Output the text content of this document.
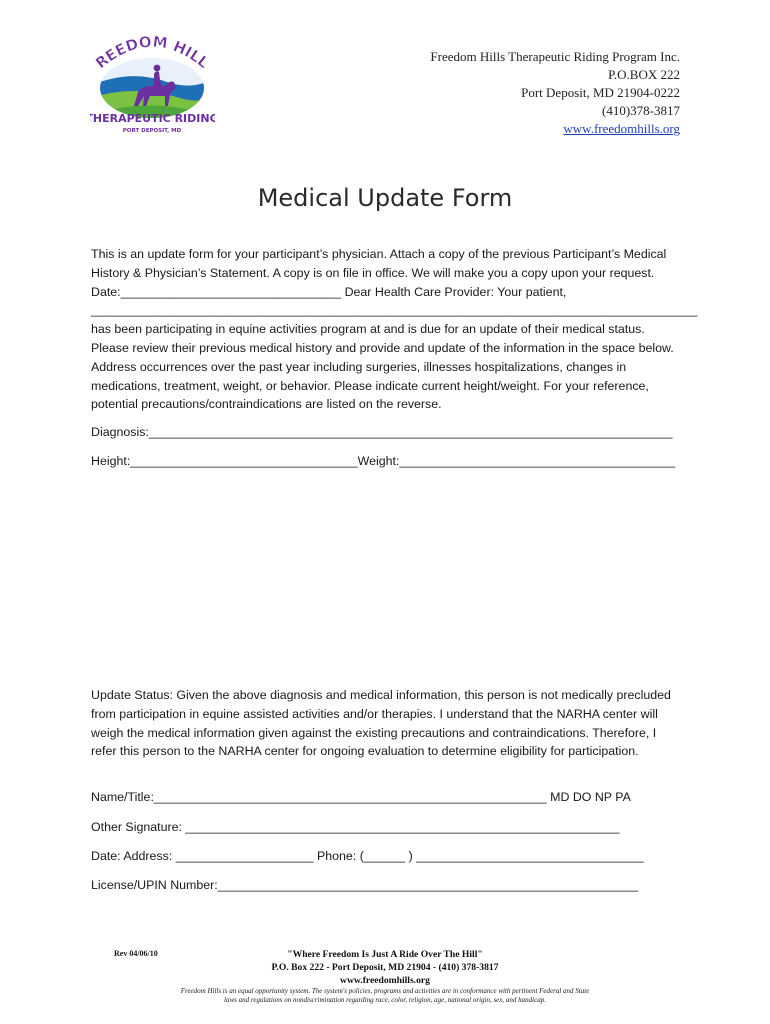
REEDOM HILL
THERAPEUTIC RIDING
PORT DEPOSIT, MD
Freedom Hills Therapeutic Riding Program Inc.
P.O.BOX 222
Port Deposit, MD 21904-0222
(410)378-3817
www.freedomhills.org
Medical Update Form
This is an update form for your participant’s physician. Attach a copy of the previous Participant’s Medical History & Physician’s Statement. A copy is on file in office. We will make you a copy upon your request. Date:________________________________ Dear Health Care Provider: Your patient, ________________________________________________________________________________________ has been participating in equine activities program at and is due for an update of their medical status. Please review their previous medical history and provide and update of the information in the space below. Address occurrences over the past year including surgeries, illnesses hospitalizations, changes in medications, treatment, weight, or behavior. Please indicate current height/weight. For your reference, potential precautions/contraindications are listed on the reverse.
Diagnosis:____________________________________________________________________________
Height:_________________________________Weight:________________________________________
Update Status: Given the above diagnosis and medical information, this person is not medically precluded from participation in equine assisted activities and/or therapies. I understand that the NARHA center will weigh the medical information given against the existing precautions and contraindications. Therefore, I refer this person to the NARHA center for ongoing evaluation to determine eligibility for participation.
Name/Title:_________________________________________________________ MD DO NP PA
Other Signature: _______________________________________________________________
Date: Address: ____________________ Phone: (______ ) _________________________________
License/UPIN Number:_____________________________________________________________
Rev 04/06/10	"Where Freedom Is Just A Ride Over The Hill"
P.O. Box 222 - Port Deposit, MD 21904 - (410) 378-3817
www.freedomhills.org
Freedom Hills is an equal opportunity system. The system's policies, programs and activities are in conformance with pertinent Federal and State
laws and regulations on nondiscrimination regarding race, color, religion, age, national origin, sex, and handicap.
